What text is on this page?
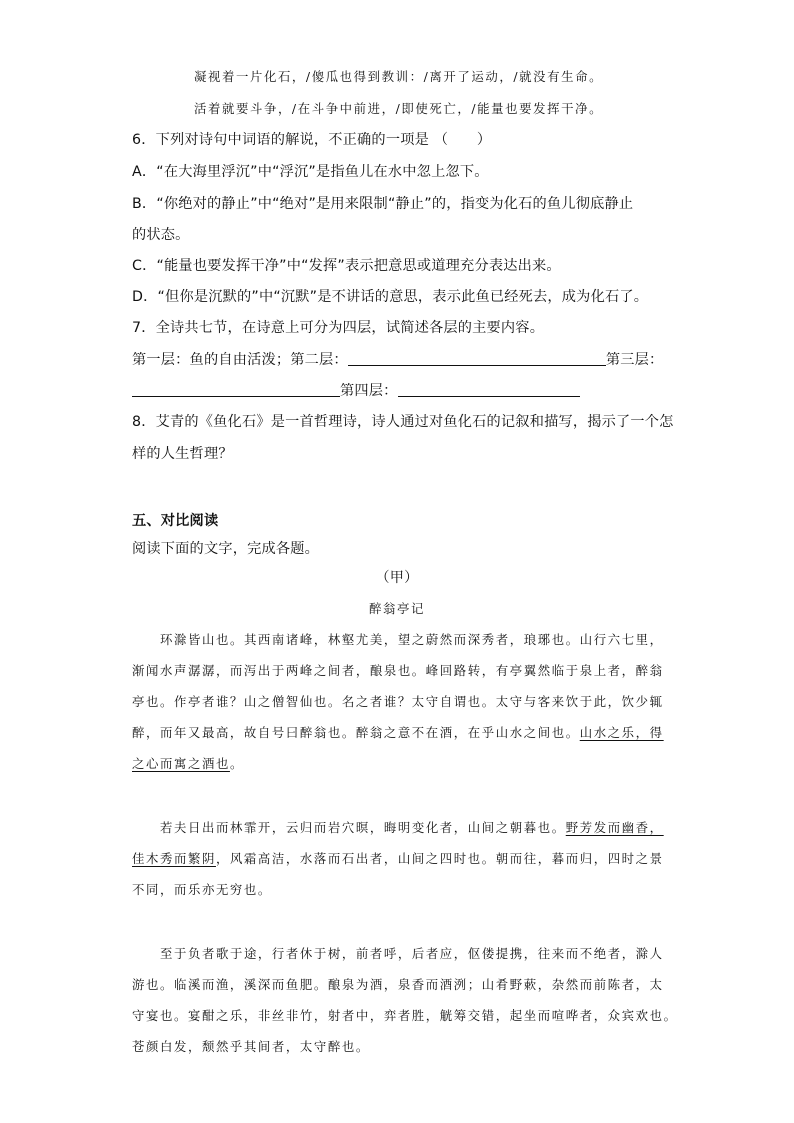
凝视着一片化石，/傻瓜也得到教训：/离开了运动，/就没有生命。
活着就要斗争，/在斗争中前进，/即使死亡，/能量也要发挥干净。
6．下列对诗句中词语的解说，不正确的一项是 （　　）
A．“在大海里浮沉”中“浮沉”是指鱼儿在水中忽上忽下。
B．“你绝对的静止”中“绝对”是用来限制“静止”的，指变为化石的鱼儿彻底静止
的状态。
C．“能量也要发挥干净”中“发挥”表示把意思或道理充分表达出来。
D．“但你是沉默的”中“沉默”是不讲话的意思，表示此鱼已经死去，成为化石了。
7．全诗共七节，在诗意上可分为四层，试简述各层的主要内容。
第一层：鱼的自由活泼；第二层：	第三层：
第四层：
8．艾青的《鱼化石》是一首哲理诗，诗人通过对鱼化石的记叙和描写，揭示了一个怎
样的人生哲理？
五、对比阅读
阅读下面的文字，完成各题。
（甲）
醉翁亭记
环滁皆山也。其西南诸峰，林壑尤美，望之蔚然而深秀者，琅琊也。山行六七里，
渐闻水声潺潺，而泻出于两峰之间者，酿泉也。峰回路转，有亭翼然临于泉上者，醉翁
亭也。作亭者谁？山之僧智仙也。名之者谁？太守自谓也。太守与客来饮于此，饮少辄
醉，而年又最高，故自号曰醉翁也。醉翁之意不在酒，在乎山水之间也。山水之乐，得
之心而寓之酒也。
若夫日出而林霏开，云归而岩穴暝，晦明变化者，山间之朝暮也。野芳发而幽香，
佳木秀而繁阴，风霜高洁，水落而石出者，山间之四时也。朝而往，暮而归，四时之景
不同，而乐亦无穷也。
至于负者歌于途，行者休于树，前者呼，后者应，伛偻提携，往来而不绝者，滁人
游也。临溪而渔，溪深而鱼肥。酿泉为酒，泉香而酒洌；山肴野蔌，杂然而前陈者，太
守宴也。宴酣之乐，非丝非竹，射者中，弈者胜，觥筹交错，起坐而喧哗者，众宾欢也。
苍颜白发，颓然乎其间者，太守醉也。
